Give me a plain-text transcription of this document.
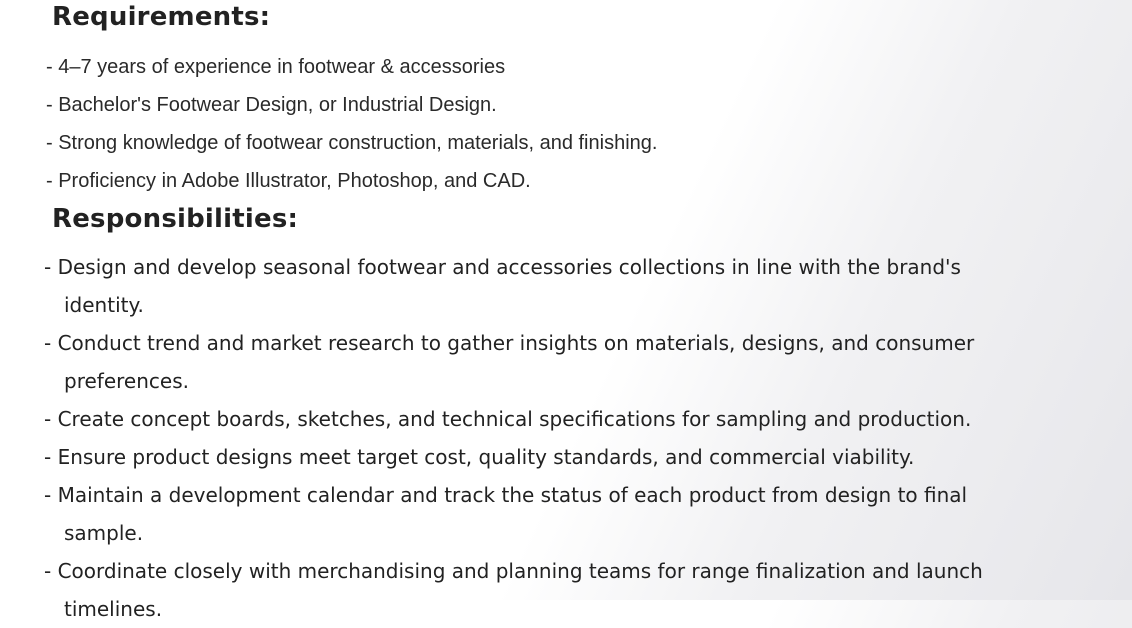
Requirements:
- 4–7 years of experience in footwear & accessories
- Bachelor's Footwear Design, or Industrial Design.
- Strong knowledge of footwear construction, materials, and finishing.
- Proficiency in Adobe Illustrator, Photoshop, and CAD.
Responsibilities:
- Design and develop seasonal footwear and accessories collections in line with the brand's
identity.
- Conduct trend and market research to gather insights on materials, designs, and consumer
preferences.
- Create concept boards, sketches, and technical specifications for sampling and production.
- Ensure product designs meet target cost, quality standards, and commercial viability.
- Maintain a development calendar and track the status of each product from design to final
sample.
- Coordinate closely with merchandising and planning teams for range finalization and launch
timelines.
